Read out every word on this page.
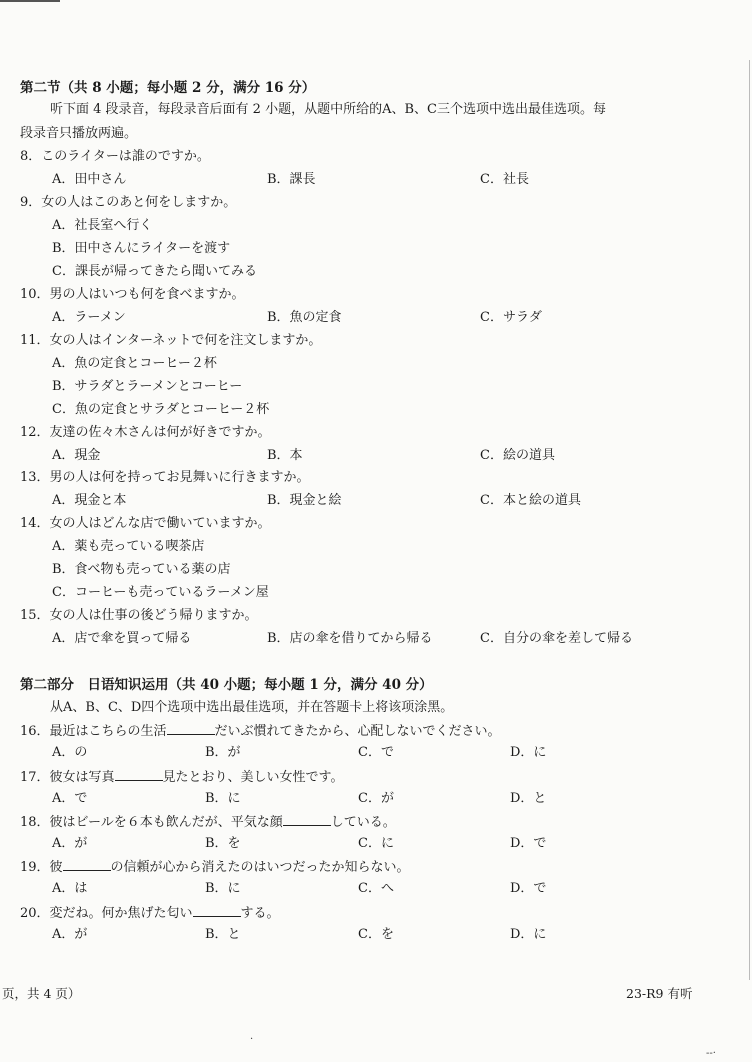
第二节（共 8 小题；每小题 2 分，满分 16 分）
听下面 4 段录音，每段录音后面有 2 小题，从题中所给的A、B、C三个选项中选出最佳选项。每
段录音只播放两遍。
8．このライターは誰のですか。
A．田中さん	B．課長	C．社長
9．女の人はこのあと何をしますか。
A．社長室へ行く
B．田中さんにライターを渡す
C．課長が帰ってきたら聞いてみる
10．男の人はいつも何を食べますか。
A．ラーメン	B．魚の定食	C．サラダ
11．女の人はインターネットで何を注文しますか。
A．魚の定食とコーヒー２杯
B．サラダとラーメンとコーヒー
C．魚の定食とサラダとコーヒー２杯
12．友達の佐々木さんは何が好きですか。
A．現金	B．本	C．絵の道具
13．男の人は何を持ってお見舞いに行きますか。
A．現金と本	B．現金と絵	C．本と絵の道具
14．女の人はどんな店で働いていますか。
A．薬も売っている喫茶店
B．食べ物も売っている薬の店
C．コーヒーも売っているラーメン屋
15．女の人は仕事の後どう帰りますか。
A．店で傘を買って帰る	B．店の傘を借りてから帰る	C．自分の傘を差して帰る
第二部分　日语知识运用（共 40 小题；每小题 1 分，满分 40 分）
从A、B、C、D四个选项中选出最佳选项，并在答题卡上将该项涂黑。
16．最近はこちらの生活	だいぶ慣れてきたから、心配しないでください。
A．の	B．が	C．で	D．に
17．彼女は写真	見たとおり、美しい女性です。
A．で	B．に	C．が	D．と
18．彼はビールを６本も飲んだが、平気な顔	している。
A．が	B．を	C．に	D．で
19．彼	の信頼が心から消えたのはいつだったか知らない。
A．は	B．に	C．へ	D．で
20．変だね。何か焦げた匂い	する。
A．が	B．と	C．を	D．に
页，共 4 页）	23-R9 有听
·
--·
